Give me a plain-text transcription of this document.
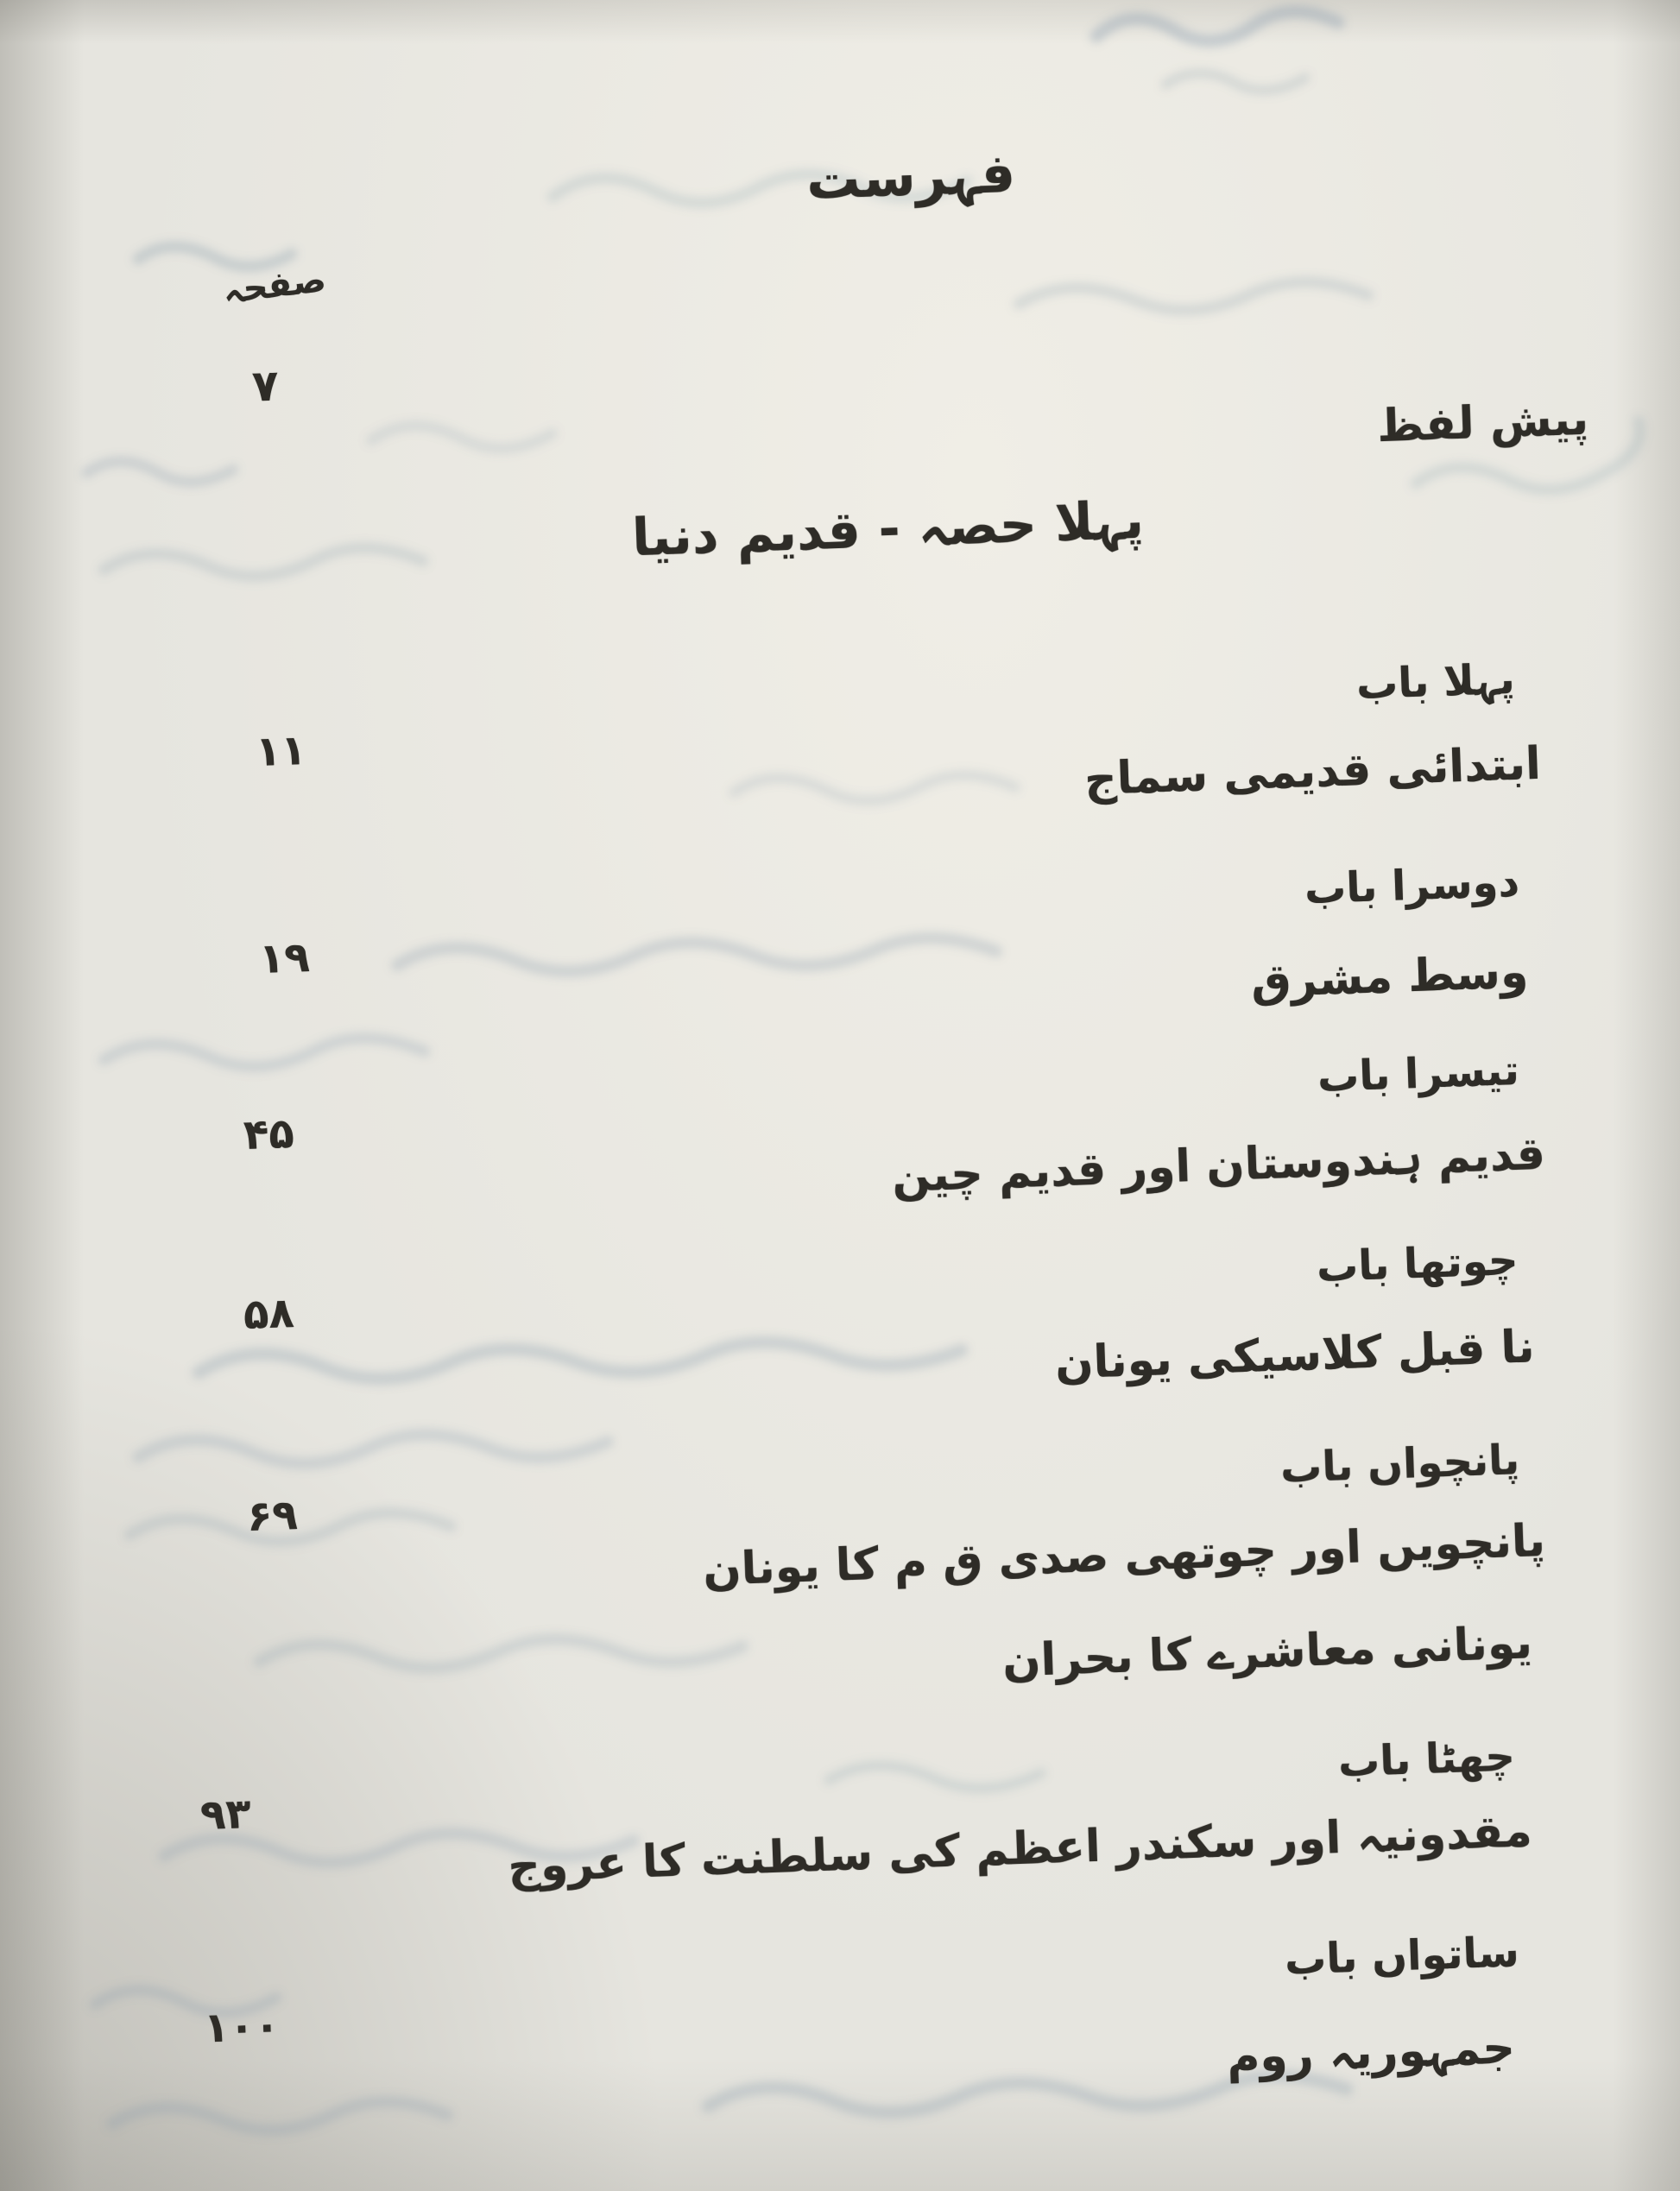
فہرست
صفحہ
۷
پیش لفظ
پہلا حصہ - قدیم دنیا
پہلا باب
ابتدائی قدیمی سماج
۱۱
دوسرا باب
وسط مشرق
۱۹
تیسرا باب
قدیم ہندوستان اور قدیم چین
۴۵
چوتھا باب
نا قبل کلاسیکی یونان
۵۸
پانچواں باب
پانچویں اور چوتھی صدی ق م کا یونان
۶۹
یونانی معاشرے کا بحران
چھٹا باب
مقدونیہ اور سکندر اعظم کی سلطنت کا عروج
۹۳
ساتواں باب
جمہوریہ روم
۱۰۰
